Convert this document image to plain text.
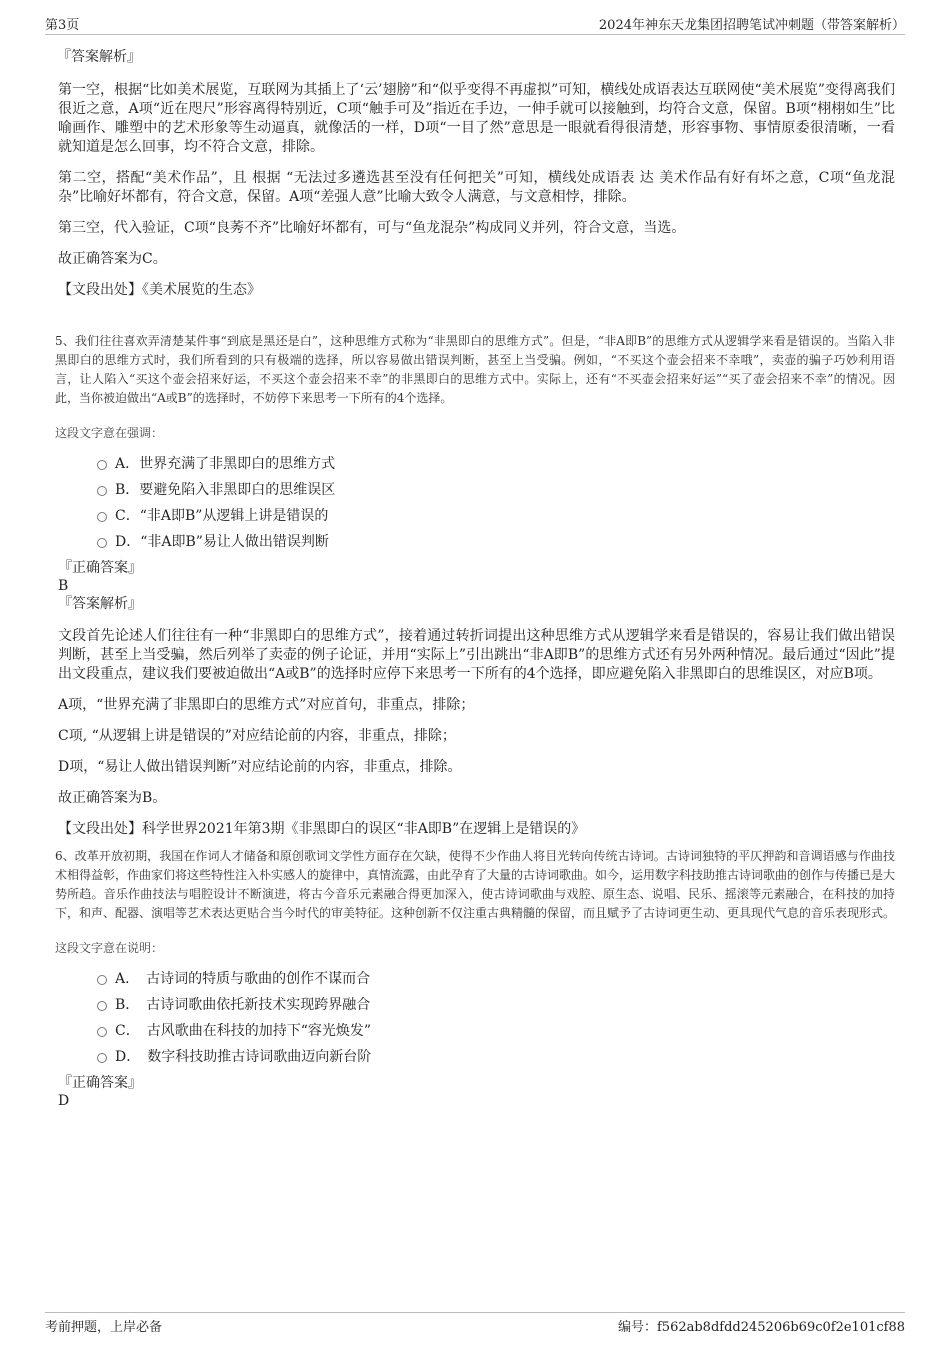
第3页	2024年神东天龙集团招聘笔试冲刺题（带答案解析）
『答案解析』

第一空，根据“比如美术展览，互联网为其插上了‘云’翅膀”和“似乎变得不再虚拟”可知，横线处成语表达互联网使“美术展览”变得离我们很近之意，A项“近在咫尺”形容离得特别近，C项“触手可及”指近在手边，一伸手就可以接触到，均符合文意，保留。B项“栩栩如生”比喻画作、雕塑中的艺术形象等生动逼真，就像活的一样，D项“一目了然”意思是一眼就看得很清楚，形容事物、事情原委很清晰，一看就知道是怎么回事，均不符合文意，排除。

第二空，搭配“美术作品”，且 根据 “无法过多遴选甚至没有任何把关”可知，横线处成语表 达 美术作品有好有坏之意，C项“鱼龙混杂”比喻好坏都有，符合文意，保留。A项“差强人意”比喻大致令人满意，与文意相悖，排除。

第三空，代入验证，C项“良莠不齐”比喻好坏都有，可与“鱼龙混杂”构成同义并列，符合文意，当选。

故正确答案为C。

【文段出处】《美术展览的生态》

5、我们往往喜欢弄清楚某件事“到底是黑还是白”，这种思维方式称为“非黑即白的思维方式”。但是，“非A即B”的思维方式从逻辑学来看是错误的。当陷入非黑即白的思维方式时，我们所看到的只有极端的选择，所以容易做出错误判断，甚至上当受骗。例如，“不买这个壶会招来不幸哦”，卖壶的骗子巧妙利用语言，让人陷入“买这个壶会招来好运，不买这个壶会招来不幸”的非黑即白的思维方式中。实际上，还有“不买壶会招来好运”“买了壶会招来不幸”的情况。因此，当你被迫做出“A或B”的选择时，不妨停下来思考一下所有的4个选择。

这段文字意在强调：

A．世界充满了非黑即白的思维方式
B．要避免陷入非黑即白的思维误区
C．“非A即B”从逻辑上讲是错误的
D．“非A即B”易让人做出错误判断
『正确答案』
B
『答案解析』

文段首先论述人们往往有一种“非黑即白的思维方式”，接着通过转折词提出这种思维方式从逻辑学来看是错误的，容易让我们做出错误判断，甚至上当受骗，然后列举了卖壶的例子论证，并用“实际上”引出跳出“非A即B”的思维方式还有另外两种情况。最后通过“因此”提出文段重点，建议我们要被迫做出“A或B”的选择时应停下来思考一下所有的4个选择，即应避免陷入非黑即白的思维误区，对应B项。

A项，“世界充满了非黑即白的思维方式”对应首句，非重点，排除；

C项, “从逻辑上讲是错误的”对应结论前的内容，非重点，排除；

D项，“易让人做出错误判断”对应结论前的内容，非重点，排除。

故正确答案为B。

【文段出处】科学世界2021年第3期《非黑即白的误区“非A即B”在逻辑上是错误的》

6、改革开放初期，我国在作词人才储备和原创歌词文学性方面存在欠缺，使得不少作曲人将目光转向传统古诗词。古诗词独特的平仄押韵和音调语感与作曲技术相得益彰，作曲家们将这些特性注入朴实感人的旋律中，真情流露，由此孕育了大量的古诗词歌曲。如今，运用数字科技助推古诗词歌曲的创作与传播已是大势所趋。音乐作曲技法与唱腔设计不断演进，将古今音乐元素融合得更加深入，使古诗词歌曲与戏腔、原生态、说唱、民乐、摇滚等元素融合，在科技的加持下，和声、配器、演唱等艺术表达更贴合当今时代的审美特征。这种创新不仅注重古典精髓的保留，而且赋予了古诗词更生动、更具现代气息的音乐表现形式。

这段文字意在说明：

A．　古诗词的特质与歌曲的创作不谋而合
B．　古诗词歌曲依托新技术实现跨界融合
C．　古风歌曲在科技的加持下“容光焕发”
D．　数字科技助推古诗词歌曲迈向新台阶
『正确答案』
D
考前押题，上岸必备	编号：f562ab8dfdd245206b69c0f2e101cf88
